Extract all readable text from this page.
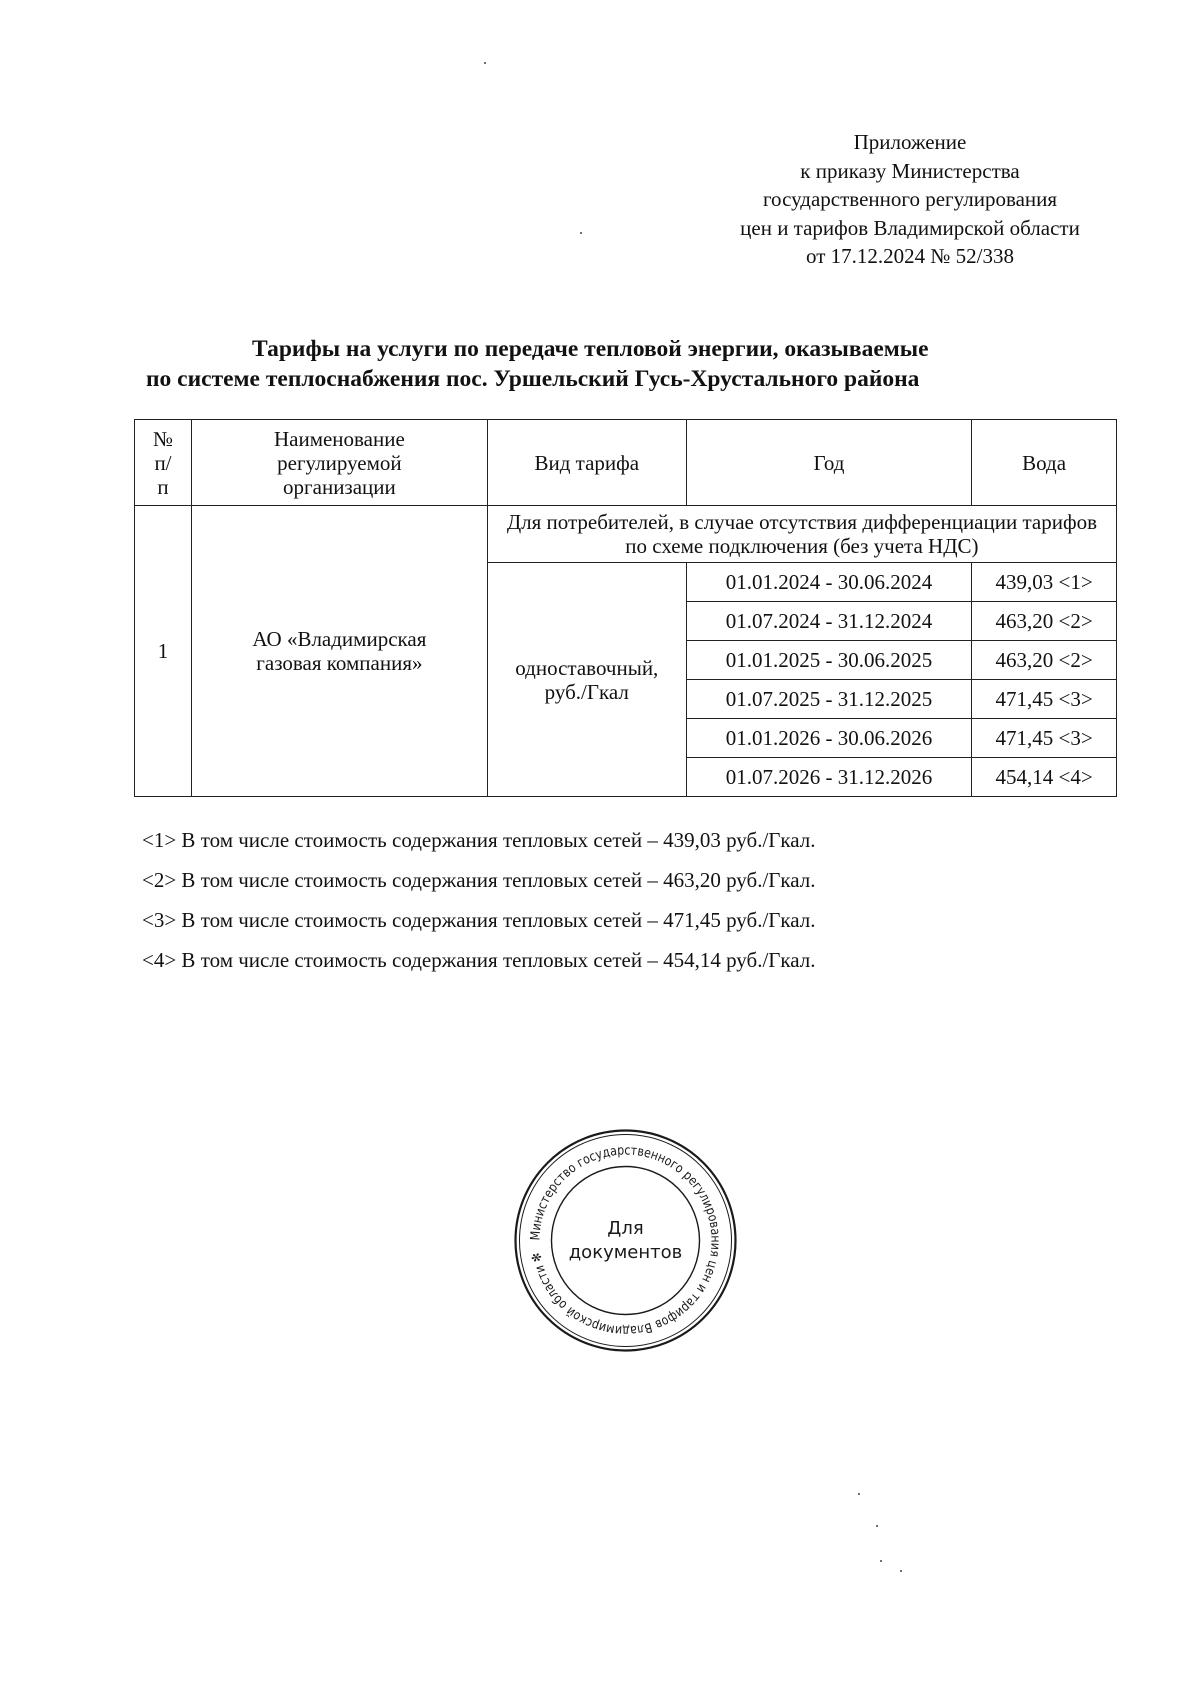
Приложение
к приказу Министерства
государственного регулирования
цен и тарифов Владимирской области
от 17.12.2024 № 52/338
Тарифы на услуги по передаче тепловой энергии, оказываемые
по системе теплоснабжения пос. Уршельский Гусь-Хрустального района
№ п/п	Наименование регулируемой организации	Вид тарифа	Год	Вода
1	АО «Владимирская газовая компания»	Для потребителей, в случае отсутствия дифференциации тарифов по схеме подключения (без учета НДС)		
		одноставочный, руб./Гкал	01.01.2024 - 30.06.2024	439,03 <1>
			01.07.2024 - 31.12.2024	463,20 <2>
			01.01.2025 - 30.06.2025	463,20 <2>
			01.07.2025 - 31.12.2025	471,45 <3>
			01.01.2026 - 30.06.2026	471,45 <3>
			01.07.2026 - 31.12.2026	454,14 <4>
<1> В том числе стоимость содержания тепловых сетей – 439,03 руб./Гкал.
<2> В том числе стоимость содержания тепловых сетей – 463,20 руб./Гкал.
<3> В том числе стоимость содержания тепловых сетей – 471,45 руб./Гкал.
<4> В том числе стоимость содержания тепловых сетей – 454,14 руб./Гкал.
Министерство государственного регулирования цен и тарифов Владимирской области ✻
Для
документов
